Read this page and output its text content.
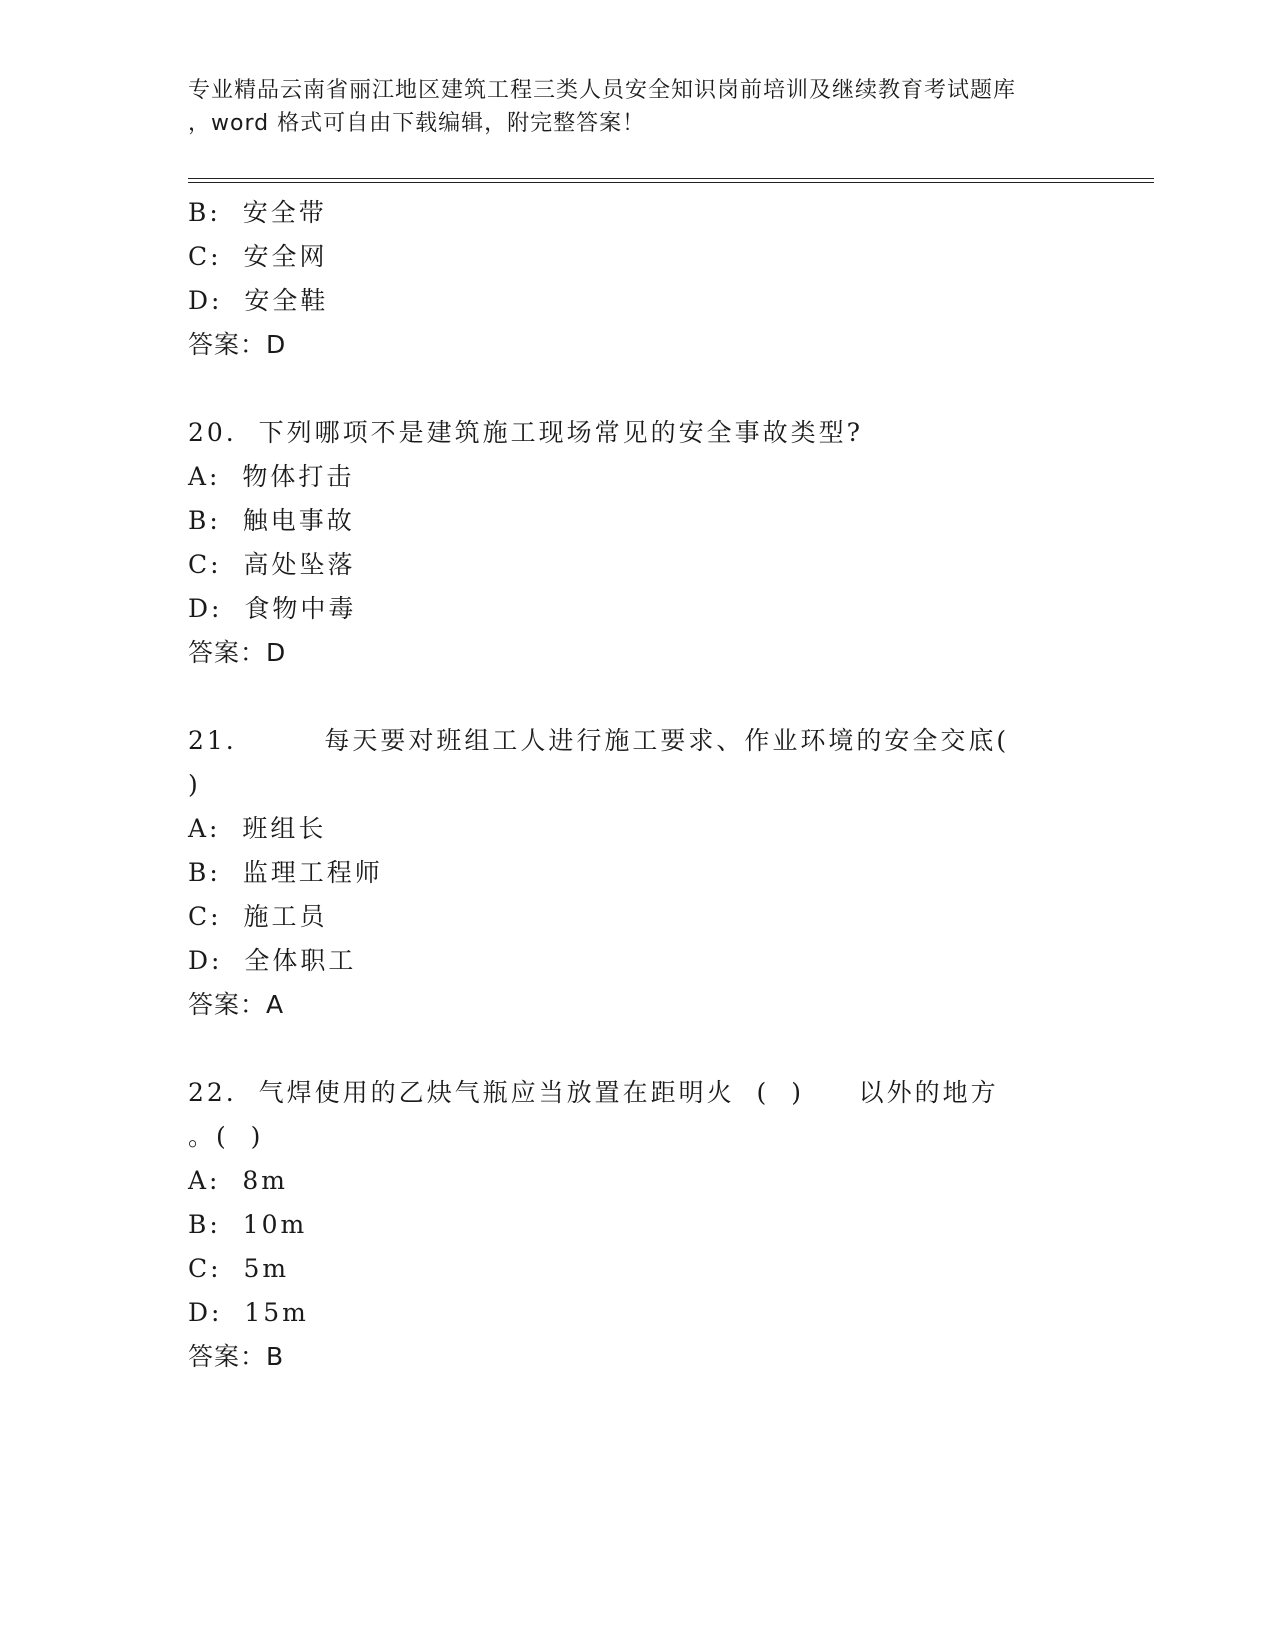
专业精品云南省丽江地区建筑工程三类人员安全知识岗前培训及继续教育考试题库
，word 格式可自由下载编辑，附完整答案！
B:  安全带
C:  安全网
D:  安全鞋
答案：D
20.  下列哪项不是建筑施工现场常见的安全事故类型?
A:  物体打击
B:  触电事故
C:  高处坠落
D:  食物中毒
答案：D
21.        每天要对班组工人进行施工要求、作业环境的安全交底(
)
A:  班组长
B:  监理工程师
C:  施工员
D:  全体职工
答案：A
22.  气焊使用的乙炔气瓶应当放置在距明火  (  )     以外的地方
。(  )
A:  8m
B:  10m
C:  5m
D:  15m
答案：B
